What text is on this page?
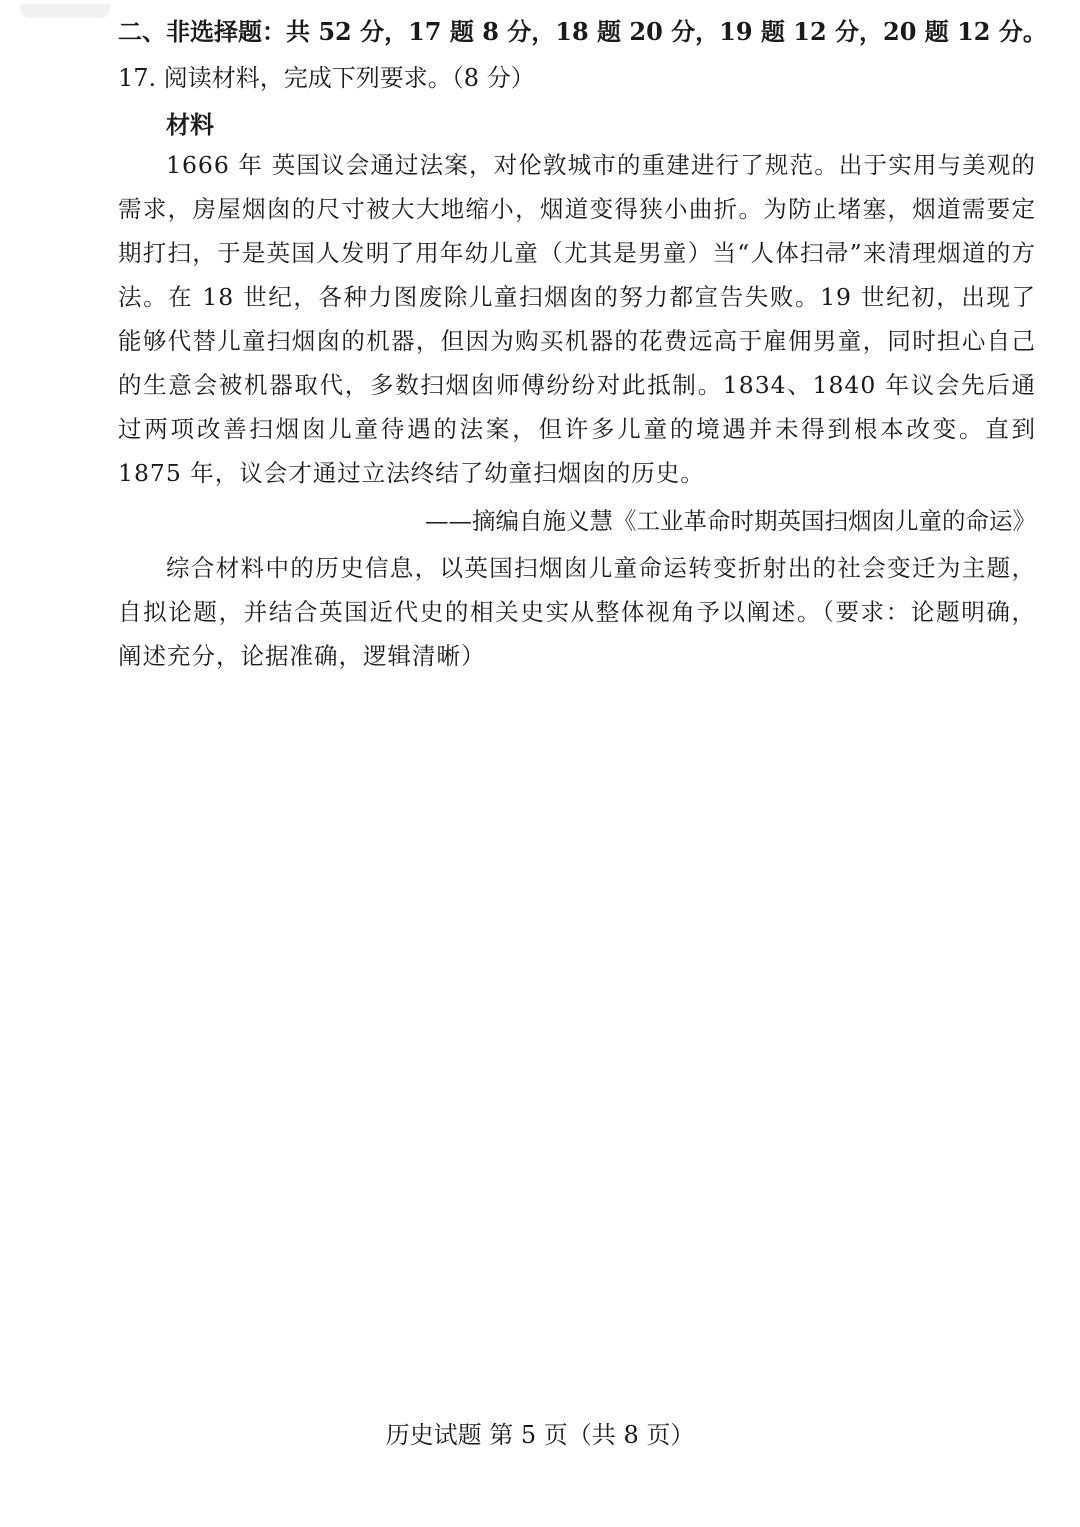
二、非选择题：共 52 分，17 题 8 分，18 题 20 分，19 题 12 分，20 题 12 分。
17. 阅读材料，完成下列要求。（8 分）
材料
1666 年 英国议会通过法案，对伦敦城市的重建进行了规范。出于实用与美观的需求，房屋烟囱的尺寸被大大地缩小，烟道变得狭小曲折。为防止堵塞，烟道需要定期打扫，于是英国人发明了用年幼儿童（尤其是男童）当“人体扫帚”来清理烟道的方法。在 18 世纪，各种力图废除儿童扫烟囱的努力都宣告失败。19 世纪初，出现了能够代替儿童扫烟囱的机器，但因为购买机器的花费远高于雇佣男童，同时担心自己的生意会被机器取代，多数扫烟囱师傅纷纷对此抵制。1834、1840 年议会先后通过两项改善扫烟囱儿童待遇的法案，但许多儿童的境遇并未得到根本改变。直到 1875 年，议会才通过立法终结了幼童扫烟囱的历史。
——摘编自施义慧《工业革命时期英国扫烟囱儿童的命运》
综合材料中的历史信息，以英国扫烟囱儿童命运转变折射出的社会变迁为主题，自拟论题，并结合英国近代史的相关史实从整体视角予以阐述。（要求：论题明确，阐述充分，论据准确，逻辑清晰）
历史试题 第 5 页（共 8 页）
